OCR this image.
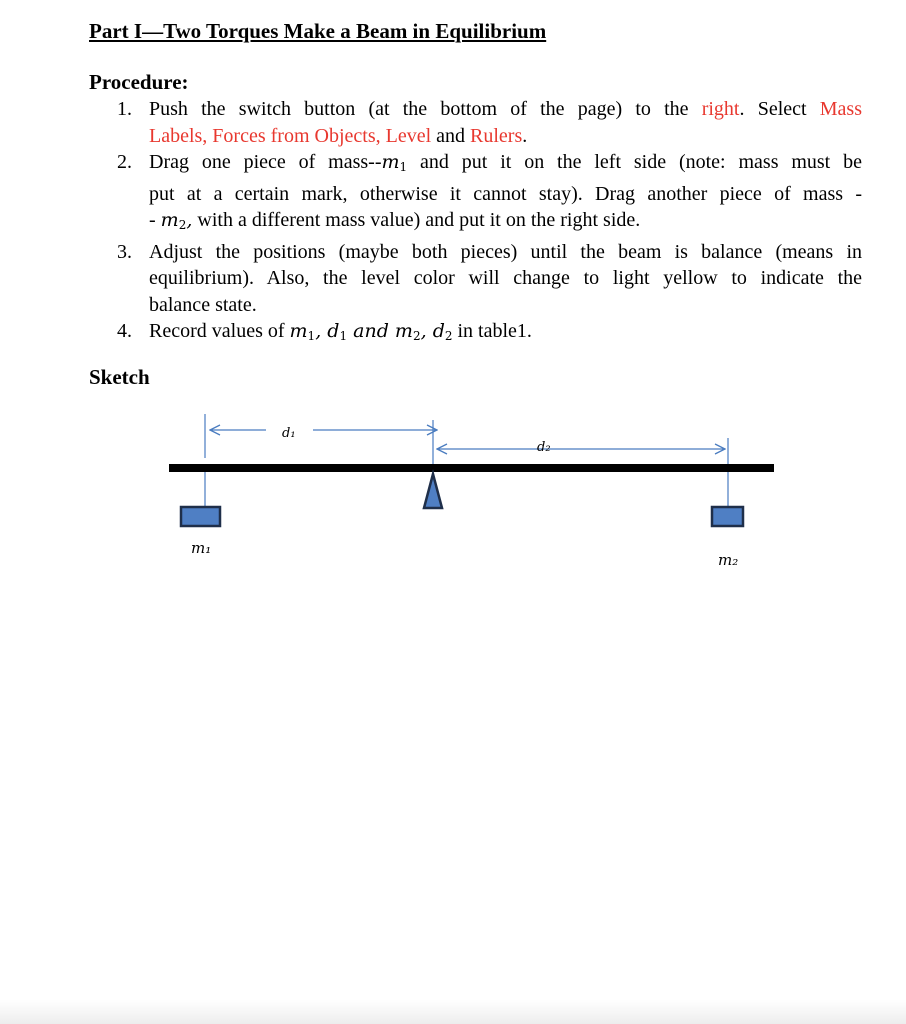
Part I—Two Torques Make a Beam in Equilibrium
Procedure:
1. Push the switch button (at the bottom of the page) to the right. Select Mass
Labels, Forces from Objects, Level and Rulers.
2. Drag one piece of mass-$-m_1$ and put it on the left side (note: mass must be
put at a certain mark, otherwise it cannot stay). Drag another piece of mass -
- $m_2$, with a different mass value) and put it on the right side.
3. Adjust the positions (maybe both pieces) until the beam is balance (means in
equilibrium). Also, the level color will change to light yellow to indicate the
balance state.
4. Record values of $m_1$, $d_1$ and $m_2$, $d_2$ in table1.
Sketch
d₁
d₂
m₁
m₂
